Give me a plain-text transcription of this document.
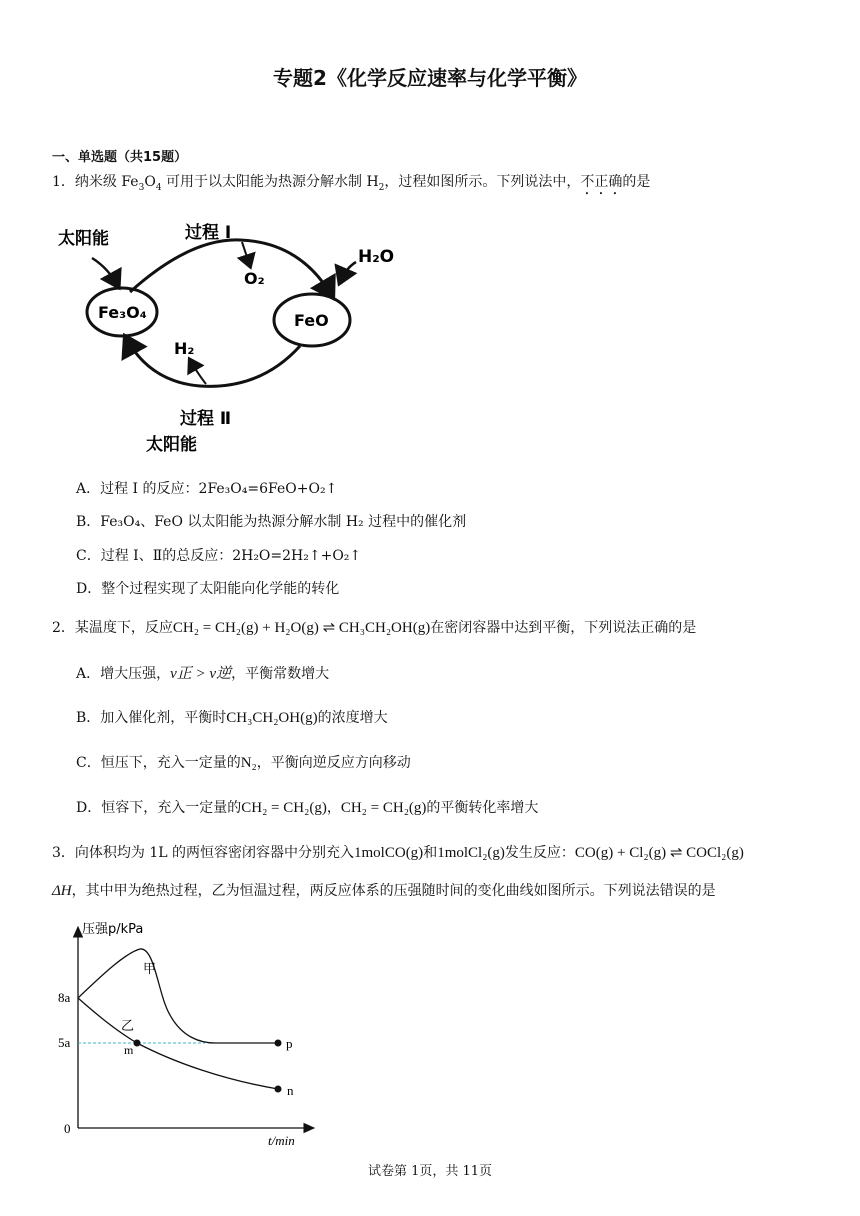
专题2《化学反应速率与化学平衡》
一、单选题（共15题）
1．纳米级 $Fe_3O_4$ 可用于以太阳能为热源分解水制 $H_2$，过程如图所示。下列说法中，不正确的是
太阳能	过程 Ⅰ
O₂
H₂O
Fe₃O₄	FeO
H₂
过程 Ⅱ
太阳能
A．过程 I 的反应：2Fe₃O₄=6FeO+O₂↑
B．Fe₃O₄、FeO 以太阳能为热源分解水制 H₂ 过程中的催化剂
C．过程 I、Ⅱ的总反应：2H₂O=2H₂↑+O₂↑
D．整个过程实现了太阳能向化学能的转化
2．某温度下，反应CH₂ = CH₂(g) + H₂O(g) ⇌ CH₃CH₂OH(g)在密闭容器中达到平衡，下列说法正确的是
A．增大压强，v正 > v逆，平衡常数增大
B．加入催化剂，平衡时CH₃CH₂OH(g)的浓度增大
C．恒压下，充入一定量的N₂，平衡向逆反应方向移动
D．恒容下，充入一定量的CH₂ = CH₂(g)，CH₂ = CH₂(g)的平衡转化率增大
3．向体积均为 1L 的两恒容密闭容器中分别充入1molCO(g)和1molCl₂(g)发生反应：CO(g) + Cl₂(g) ⇌ COCl₂(g)
ΔH，其中甲为绝热过程，乙为恒温过程，两反应体系的压强随时间的变化曲线如图所示。下列说法错误的是
压强p/kPa
t/min
0
8a
5a
甲
乙
m	p
n
试卷第 1页，共 11页
